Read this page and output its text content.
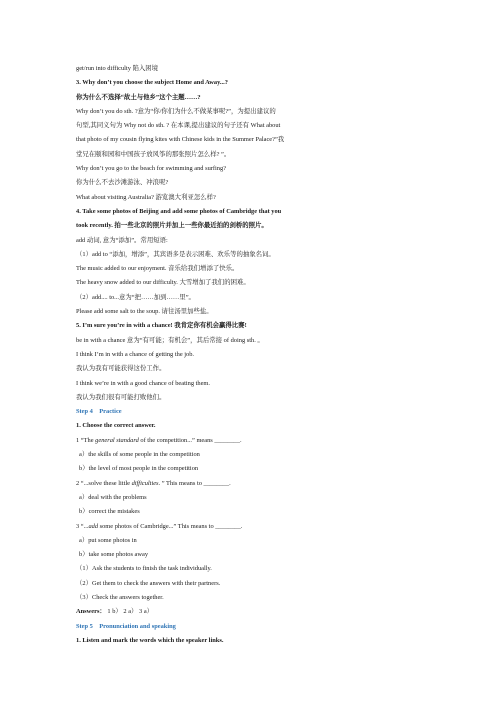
get/run into difficulty 陷入困境
3. Why don’t you choose the subject Home and Away...?
你为什么不选择“故土与他乡”这个主题……?
Why don’t you do sth. ?意为“你/你们为什么不做某事呢?”，为提出建议的
句型,其同义句为 Why not do sth. ? 在本课,提出建议的句子还有 What about
that photo of my cousin flying kites with Chinese kids in the Summer Palace?”我
堂兄在颐和园和中国孩子放风筝的那张照片怎么样? ”。
Why don’t you go to the beach for swimming and surfing?
你为什么不去沙滩游泳、冲浪呢?
What about visiting Australia? 游览澳大利亚怎么样?
4. Take some photos of Beijing and add some photos of Cambridge that you
took recently. 拍一些北京的照片并加上一些你最近拍的剑桥的照片。
add 动词, 意为“添加”。常用短语:
（1）add to “添加，增添”，其宾语多是表示困难、欢乐等的抽象名词。
The music added to our enjoyment. 音乐给我们增添了快乐。
The heavy snow added to our difficulty. 大雪增加了我们的困难。
（2）add.... to...意为“把……加到……里”。
Please add some salt to the soup. 请往汤里加些盐。
5. I’m sure you’re in with a chance! 我肯定你有机会赢得比赛!
be in with a chance 意为“有可能；有机会”，其后常接 of doing sth. 。
I think I’m in with a chance of getting the job.
我认为我有可能获得这份工作。
I think we’re in with a good chance of beating them.
我认为我们很有可能打败他们。
Step 4 Practice
1. Choose the correct answer.
1 “The general standard of the competition...” means ________.
a）the skills of some people in the competition
b）the level of most people in the competition
2 “...solve these little difficulties. ” This means to ________.
a）deal with the problems
b）correct the mistakes
3 “...add some photos of Cambridge...” This means to ________.
a）put some photos in
b）take some photos away
（1）Ask the students to finish the task individually.
（2）Get them to check the answers with their partners.
（3）Check the answers together.
Answers： 1 b） 2 a） 3 a）
Step 5 Pronunciation and speaking
1. Listen and mark the words which the speaker links.
